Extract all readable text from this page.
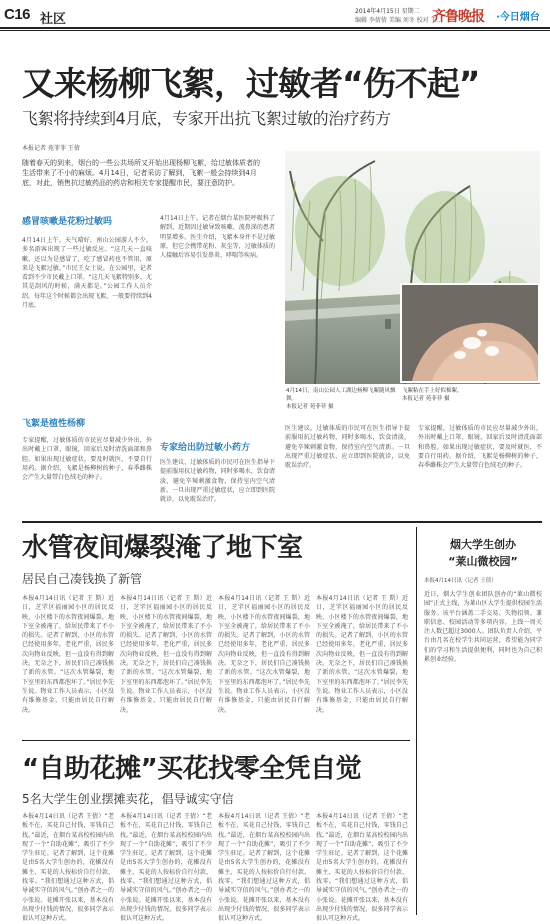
C16 社区
2014年4月15日 星期二
编辑 李倩倩 美编 刘冬 校对 王…
齐鲁晚报 ·今日烟台
又来杨柳飞絮，过敏者“伤不起”
飞絮将持续到4月底，专家开出抗飞絮过敏的治疗药方
本报记者 苑菲菲 王倩
随着春天的到来，烟台的一些公共场所又开始出现杨柳飞絮，给过敏体质者的生活带来了不小的麻烦。4月14日，记者采访了解到，飞絮一般会持续到4月底，对此，销售抗过敏药品的药店和相关专家提醒市民，要注意防护。
感冒咳嗽是花粉过敏吗
4月14日上午，天气晴好，南山公园游人不少。多名游客出现了一些过敏反应。“这几天一直咳嗽，还以为是感冒了，吃了感冒药也不管用，原来是飞絮过敏。”市民王女士说。在公园里，记者看到不少市民戴上口罩。“这几天飞絮特别多，尤其是刮风的时候，满天都是。”公园工作人员介绍，每年这个时候都会出现飞絮，一般要持续到4月底。
飞絮是植性杨柳
专家提醒，过敏体质的市民应尽量减少外出，外出时戴上口罩、眼镜，回家后及时清洗面部和鼻腔。如果出现过敏症状，要及时就医，不要自行用药。据介绍，飞絮是杨柳树的种子，春季雌株会产生大量带白色绒毛的种子。
4月14日上午，记者在烟台某医院呼吸科了解到，近期因过敏导致咳嗽、流鼻涕的患者明显增多。医生介绍，飞絮本身并不是过敏原，但它会携带花粉、灰尘等，过敏体质的人接触后容易引发鼻炎、哮喘等疾病。
专家给出防过敏小药方
医生建议，过敏体质的市民可在医生指导下提前服用抗过敏药物，同时多喝水，饮食清淡，避免辛辣刺激食物，保持室内空气清新。一旦出现严重过敏症状，应立即到医院就诊，以免耽误治疗。
医生建议，过敏体质的市民可在医生指导下提前服用抗过敏药物，同时多喝水，饮食清淡，避免辛辣刺激食物，保持室内空气清新。一旦出现严重过敏症状，应立即到医院就诊，以免耽误治疗。
专家提醒，过敏体质的市民应尽量减少外出，外出时戴上口罩、眼镜，回家后及时清洗面部和鼻腔。如果出现过敏症状，要及时就医，不要自行用药。据介绍，飞絮是杨柳树的种子，春季雌株会产生大量带白色绒毛的种子。
4月14日，南山公园人工湖边杨柳飞絮随风飘舞。
本报记者 苑菲菲 摄
飞絮粘在手上好似棉絮。
本报记者 苑菲菲 摄
水管夜间爆裂淹了地下室
居民自己凑钱换了新管
本报4月14日讯（记者 王 斯）近日，芝罘区福丽园小区的居民反映，小区楼下的水管夜间爆裂，地下室全被淹了，给居民带来了不小的损失。记者了解到，小区的水管已经使用多年，老化严重，居民多次向物业反映，但一直没有得到解决。无奈之下，居民们自己凑钱换了新的水管。“这次水管爆裂，地下室里的东西都泡坏了。”居民李先生说。物业工作人员表示，小区没有维修基金，只能由居民自行解决。
本报4月14日讯（记者 王 斯）近日，芝罘区福丽园小区的居民反映，小区楼下的水管夜间爆裂，地下室全被淹了，给居民带来了不小的损失。记者了解到，小区的水管已经使用多年，老化严重，居民多次向物业反映，但一直没有得到解决。无奈之下，居民们自己凑钱换了新的水管。“这次水管爆裂，地下室里的东西都泡坏了。”居民李先生说。物业工作人员表示，小区没有维修基金，只能由居民自行解决。
本报4月14日讯（记者 王 斯）近日，芝罘区福丽园小区的居民反映，小区楼下的水管夜间爆裂，地下室全被淹了，给居民带来了不小的损失。记者了解到，小区的水管已经使用多年，老化严重，居民多次向物业反映，但一直没有得到解决。无奈之下，居民们自己凑钱换了新的水管。“这次水管爆裂，地下室里的东西都泡坏了。”居民李先生说。物业工作人员表示，小区没有维修基金，只能由居民自行解决。
本报4月14日讯（记者 王 斯）近日，芝罘区福丽园小区的居民反映，小区楼下的水管夜间爆裂，地下室全被淹了，给居民带来了不小的损失。记者了解到，小区的水管已经使用多年，老化严重，居民多次向物业反映，但一直没有得到解决。无奈之下，居民们自己凑钱换了新的水管。“这次水管爆裂，地下室里的东西都泡坏了。”居民李先生说。物业工作人员表示，小区没有维修基金，只能由居民自行解决。
烟大学生创办
“莱山微校园”
本报4月14日讯（记者 王倩）
近日，烟大学生创业团队创办的“莱山微校园”正式上线，为莱山区大学生提供校园生活服务。该平台涵盖二手交易、失物招领、兼职信息、校园活动等多项内容，上线一周关注人数已超过3000人。团队负责人介绍，平台由几名在校学生共同运营，希望能为同学们的学习和生活提供便利，同时也为自己积累创业经验。
“自助花摊”买花找零全凭自觉
5名大学生创业摆摊卖花，倡导诚实守信
本报4月14日讯（记者 王倩）“老板不在，买花自己付钱，零钱自己找。”最近，在烟台某高校校园内出现了一个“自助花摊”，吸引了不少学生驻足。记者了解到，这个花摊是由5名大学生创办的，花摊没有摊主，买花的人按标价自行付款、找零。“我们想通过这种方式，倡导诚实守信的风气。”创办者之一的小张说。花摊开张以来，基本没有出现少付钱的情况，很多同学表示很认可这种方式。
本报4月14日讯（记者 王倩）“老板不在，买花自己付钱，零钱自己找。”最近，在烟台某高校校园内出现了一个“自助花摊”，吸引了不少学生驻足。记者了解到，这个花摊是由5名大学生创办的，花摊没有摊主，买花的人按标价自行付款、找零。“我们想通过这种方式，倡导诚实守信的风气。”创办者之一的小张说。花摊开张以来，基本没有出现少付钱的情况，很多同学表示很认可这种方式。
本报4月14日讯（记者 王倩）“老板不在，买花自己付钱，零钱自己找。”最近，在烟台某高校校园内出现了一个“自助花摊”，吸引了不少学生驻足。记者了解到，这个花摊是由5名大学生创办的，花摊没有摊主，买花的人按标价自行付款、找零。“我们想通过这种方式，倡导诚实守信的风气。”创办者之一的小张说。花摊开张以来，基本没有出现少付钱的情况，很多同学表示很认可这种方式。
本报4月14日讯（记者 王倩）“老板不在，买花自己付钱，零钱自己找。”最近，在烟台某高校校园内出现了一个“自助花摊”，吸引了不少学生驻足。记者了解到，这个花摊是由5名大学生创办的，花摊没有摊主，买花的人按标价自行付款、找零。“我们想通过这种方式，倡导诚实守信的风气。”创办者之一的小张说。花摊开张以来，基本没有出现少付钱的情况，很多同学表示很认可这种方式。
